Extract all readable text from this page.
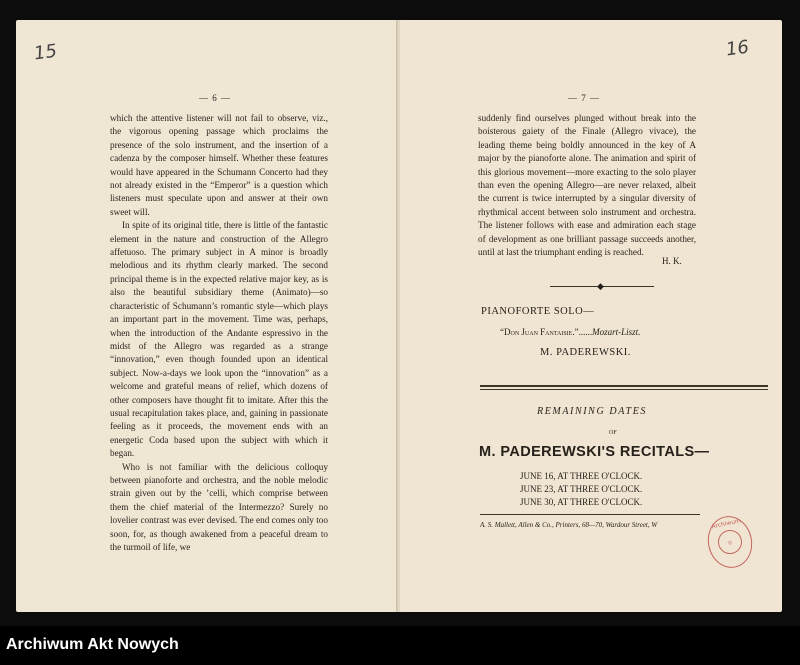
15
— 6 —

which the attentive listener will not fail to observe, viz., the vigorous opening passage which proclaims the presence of the solo instrument, and the insertion of a cadenza by the composer himself. Whether these features would have appeared in the Schumann Concerto had they not already existed in the “Emperor” is a question which listeners must speculate upon and answer at their own sweet will.

In spite of its original title, there is little of the fantastic element in the nature and construction of the Allegro affetuoso. The primary subject in A minor is broadly melodious and its rhythm clearly marked. The second principal theme is in the expected relative major key, as is also the beautiful subsidiary theme (Animato)—so characteristic of Schumann’s romantic style—which plays an important part in the movement. Time was, perhaps, when the introduction of the Andante espressivo in the midst of the Allegro was regarded as a strange “innovation,” even though founded upon an identical subject. Now-a-days we look upon the “innovation” as a welcome and grateful means of relief, which dozens of other composers have thought fit to imitate. After this the usual recapitulation takes place, and, gaining in passionate feeling as it proceeds, the movement ends with an energetic Coda based upon the subject with which it began.

Who is not familiar with the delicious colloquy between pianoforte and orchestra, and the noble melodic strain given out by the ’celli, which comprise between them the chief material of the Intermezzo? Surely no lovelier contrast was ever devised. The end comes only too soon, for, as though awakened from a peaceful dream to the turmoil of life, we

16
— 7 —

suddenly find ourselves plunged without break into the boisterous gaiety of the Finale (Allegro vivace), the leading theme being boldly announced in the key of A major by the pianoforte alone. The animation and spirit of this glorious movement—more exacting to the solo player than even the opening Allegro—are never relaxed, albeit the current is twice interrupted by a singular diversity of rhythmical accent between solo instrument and orchestra. The listener follows with ease and admiration each stage of development as one brilliant passage succeeds another, until at last the triumphant ending is reached.

H. K.
◆
PIANOFORTE SOLO—
“Don Juan Fantaisie.”......Mozart-Liszt.
M. PADEREWSKI.
REMAINING DATES
OF
M. PADEREWSKI'S RECITALS—
JUNE 16, AT THREE O'CLOCK.
JUNE 23, AT THREE O'CLOCK.
JUNE 30, AT THREE O'CLOCK.
A. S. Mallett, Allen & Co., Printers, 68—70, Wardour Street, W	Archiwum
◎
Archiwum Akt Nowych
